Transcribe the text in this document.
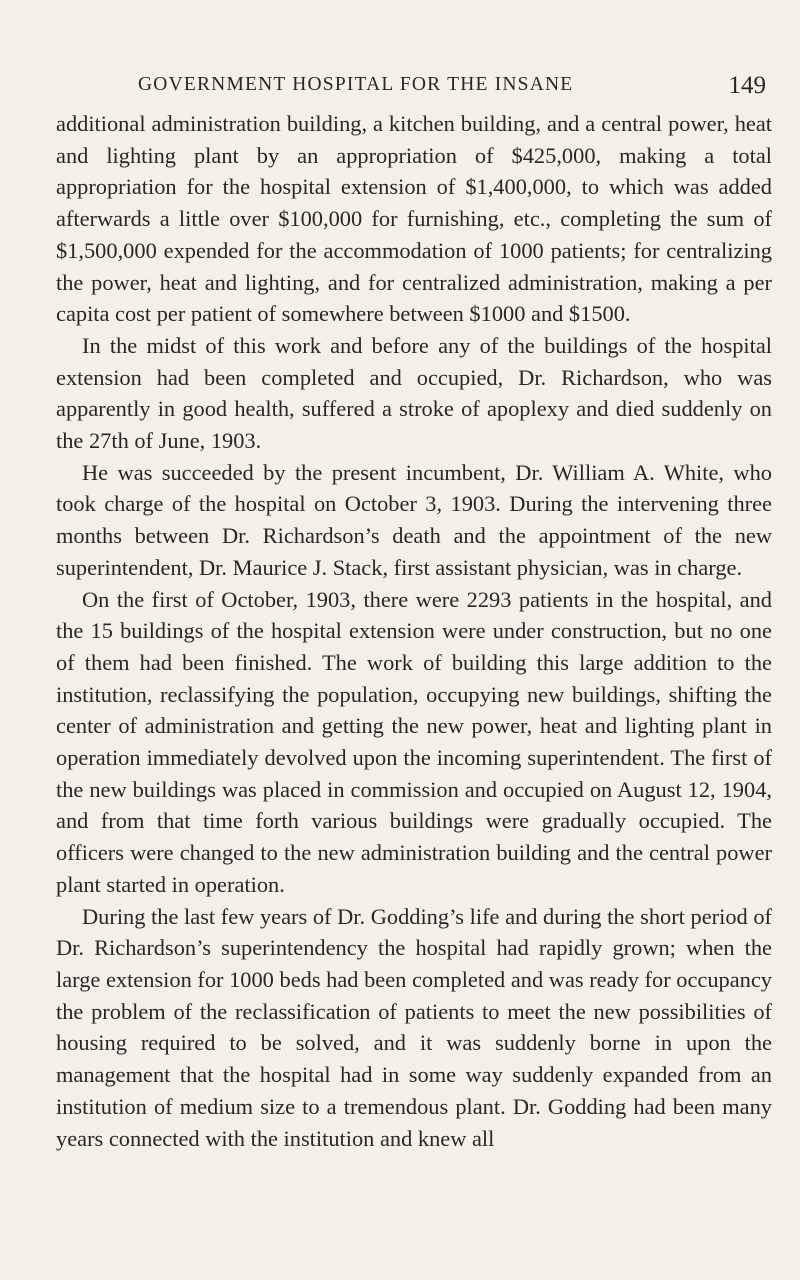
GOVERNMENT HOSPITAL FOR THE INSANE	149

additional administration building, a kitchen building, and a central power, heat and lighting plant by an appropriation of $425,000, making a total appropriation for the hospital extension of $1,400,000, to which was added afterwards a little over $100,000 for furnishing, etc., completing the sum of $1,500,000 expended for the accommodation of 1000 patients; for centralizing the power, heat and lighting, and for centralized administration, making a per capita cost per patient of somewhere between $1000 and $1500.

In the midst of this work and before any of the buildings of the hospital extension had been completed and occupied, Dr. Richardson, who was apparently in good health, suffered a stroke of apoplexy and died suddenly on the 27th of June, 1903.

He was succeeded by the present incumbent, Dr. William A. White, who took charge of the hospital on October 3, 1903. During the intervening three months between Dr. Richardson’s death and the appointment of the new superintendent, Dr. Maurice J. Stack, first assistant physician, was in charge.

On the first of October, 1903, there were 2293 patients in the hospital, and the 15 buildings of the hospital extension were under construction, but no one of them had been finished. The work of building this large addition to the institution, reclassifying the population, occupying new buildings, shifting the center of administration and getting the new power, heat and lighting plant in operation immediately devolved upon the incoming superintendent. The first of the new buildings was placed in commission and occupied on August 12, 1904, and from that time forth various buildings were gradually occupied. The officers were changed to the new administration building and the central power plant started in operation.

During the last few years of Dr. Godding’s life and during the short period of Dr. Richardson’s superintendency the hospital had rapidly grown; when the large extension for 1000 beds had been completed and was ready for occupancy the problem of the reclassification of patients to meet the new possibilities of housing required to be solved, and it was suddenly borne in upon the management that the hospital had in some way suddenly expanded from an institution of medium size to a tremendous plant. Dr. Godding had been many years connected with the institution and knew all
